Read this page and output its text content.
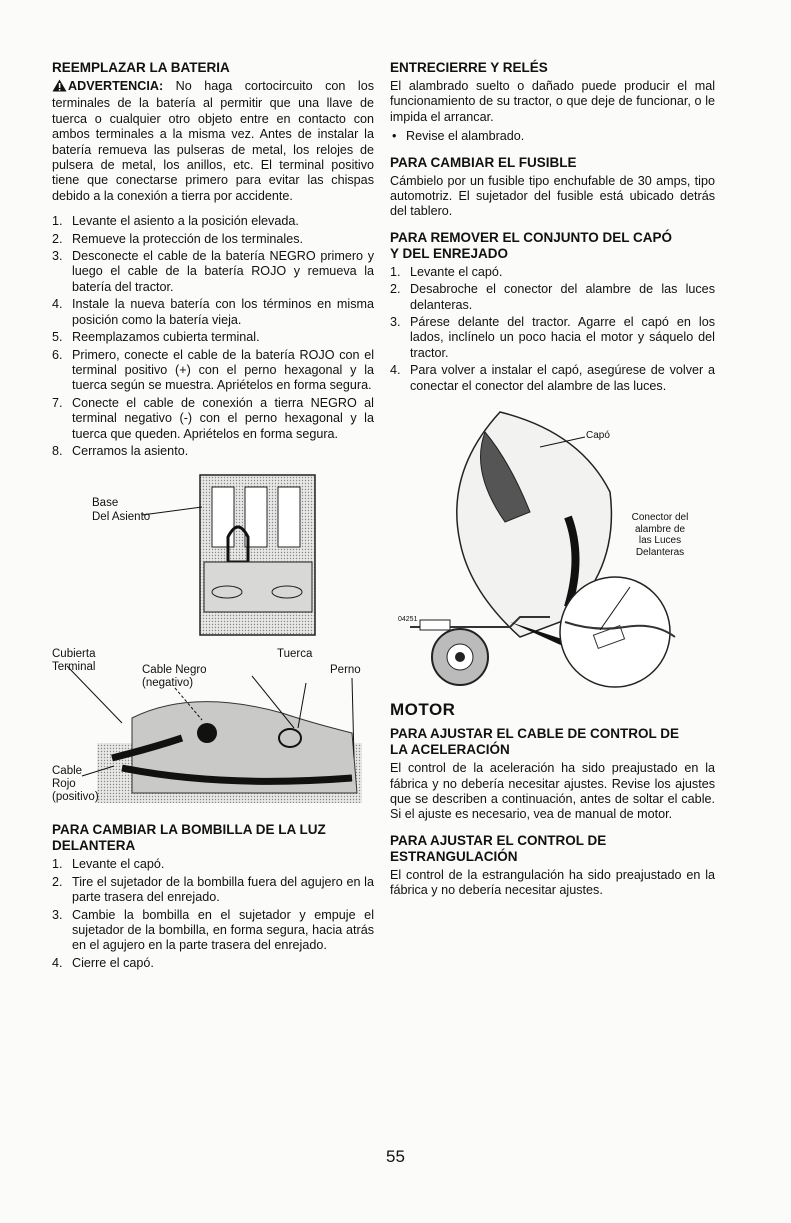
REEMPLAZAR LA BATERIA

ADVERTENCIA: No haga cortocircuito con los terminales de la batería al permitir que una llave de tuerca o cualquier otro objeto entre en contacto con ambos terminales a la misma vez. Antes de instalar la batería remueva las pulseras de metal, los relojes de pulsera de metal, los anillos, etc. El terminal positivo tiene que conectarse primero para evitar las chispas debido a la conexión a tierra por accidente.

1. Levante el asiento a la posición elevada.
2. Remueve la protección de los terminales.
3. Desconecte el cable de la batería NEGRO primero y luego el cable de la batería ROJO y remueva la batería del tractor.
4. Instale la nueva batería con los términos en misma posición como la batería vieja.
5. Reemplazamos cubierta terminal.
6. Primero, conecte el cable de la batería ROJO con el terminal positivo (+) con el perno hexagonal y la tuerca según se muestra. Apriételos en forma segura.
7. Conecte el cable de conexión a tierra NEGRO al terminal negativo (-) con el perno hexagonal y la tuerca que queden. Apriételos en forma segura.
8. Cerramos la asiento.
Base
Del Asiento
Cubierta
Terminal
Tuerca
Cable Negro
(negativo)
Perno
Cable
Rojo
(positivo)
PARA CAMBIAR LA BOMBILLA DE LA LUZ
DELANTERA
1. Levante el capó.
2. Tire el sujetador de la bombilla fuera del agujero en la parte trasera del enrejado.
3. Cambie la bombilla en el sujetador y empuje el sujetador de la bombilla, en forma segura, hacia atrás en el agujero en la parte trasera del enrejado.
4. Cierre el capó.
ENTRECIERRE Y RELÉS

El alambrado suelto o dañado puede producir el mal funcionamiento de su tractor, o que deje de funcionar, o le impida el arrancar.

• Revise el alambrado.
PARA CAMBIAR EL FUSIBLE

Cámbielo por un fusible tipo enchufable de 30 amps, tipo automotriz. El sujetador del fusible está ubicado detrás del tablero.

PARA REMOVER EL CONJUNTO DEL CAPÓ
Y DEL ENREJADO
1. Levante el capó.
2. Desabroche el conector del alambre de las luces delanteras.
3. Párese delante del tractor. Agarre el capó en los lados, inclínelo un poco hacia el motor y sáquelo del tractor.
4. Para volver a instalar el capó, asegúrese de volver a conectar el conector del alambre de las luces.
Capó
Conector del
alambre de
las Luces
Delanteras
04251
MOTOR
PARA AJUSTAR EL CABLE DE CONTROL DE
LA ACELERACIÓN

El control de la aceleración ha sido preajustado en la fábrica y no debería necesitar ajustes. Revise los ajustes que se describen a continuación, antes de soltar el cable. Si el ajuste es necesario, vea de manual de motor.

PARA AJUSTAR EL CONTROL DE
ESTRANGULACIÓN

El control de la estrangulación ha sido preajustado en la fábrica y no debería necesitar ajustes.

55
